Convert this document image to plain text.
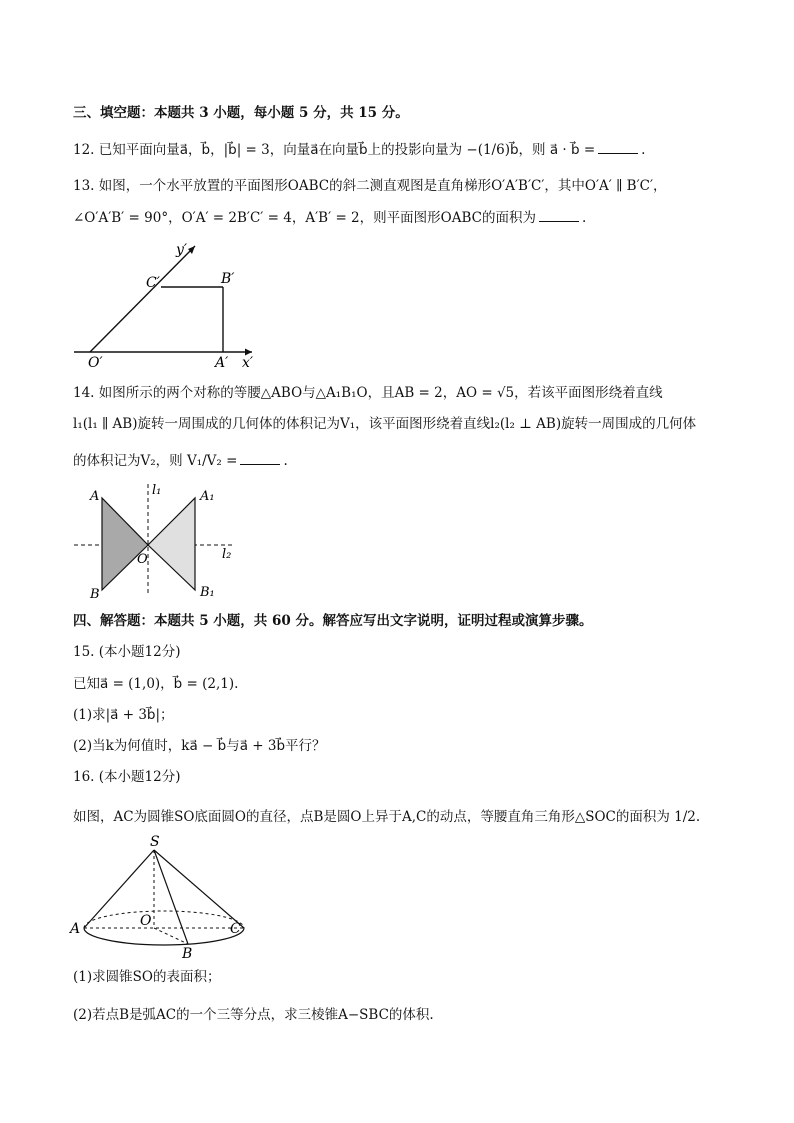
三、填空题：本题共 3 小题，每小题 5 分，共 15 分。
12. 已知平面向量a⃗，b⃗，|b⃗| = 3，向量a⃗在向量b⃗上的投影向量为 −(1/6)b⃗，则 a⃗ · b⃗ =	.
13. 如图，一个水平放置的平面图形OABC的斜二测直观图是直角梯形O′A′B′C′，其中O′A′ ∥ B′C′，
∠O′A′B′ = 90°，O′A′ = 2B′C′ = 4，A′B′ = 2，则平面图形OABC的面积为	.
y′
C′	B′
O′	A′ x′
14. 如图所示的两个对称的等腰△ABO与△A₁B₁O，且AB = 2，AO = √5，若该平面图形绕着直线
l₁(l₁ ∥ AB)旋转一周围成的几何体的体积记为V₁，该平面图形绕着直线l₂(l₂ ⊥ AB)旋转一周围成的几何体
的体积记为V₂，则 V₁/V₂ =	.
A	l₁	A₁
O	l₂
B	B₁
四、解答题：本题共 5 小题，共 60 分。解答应写出文字说明，证明过程或演算步骤。
15. (本小题12分)
已知a⃗ = (1,0)，b⃗ = (2,1).
(1)求|a⃗ + 3b⃗|；
(2)当k为何值时，ka⃗ − b⃗与a⃗ + 3b⃗平行？
16. (本小题12分)
如图，AC为圆锥SO底面圆O的直径，点B是圆O上异于A,C的动点，等腰直角三角形△SOC的面积为 1/2.
S
O
A	C
B
(1)求圆锥SO的表面积；
(2)若点B是弧AC的一个三等分点，求三棱锥A−SBC的体积.
